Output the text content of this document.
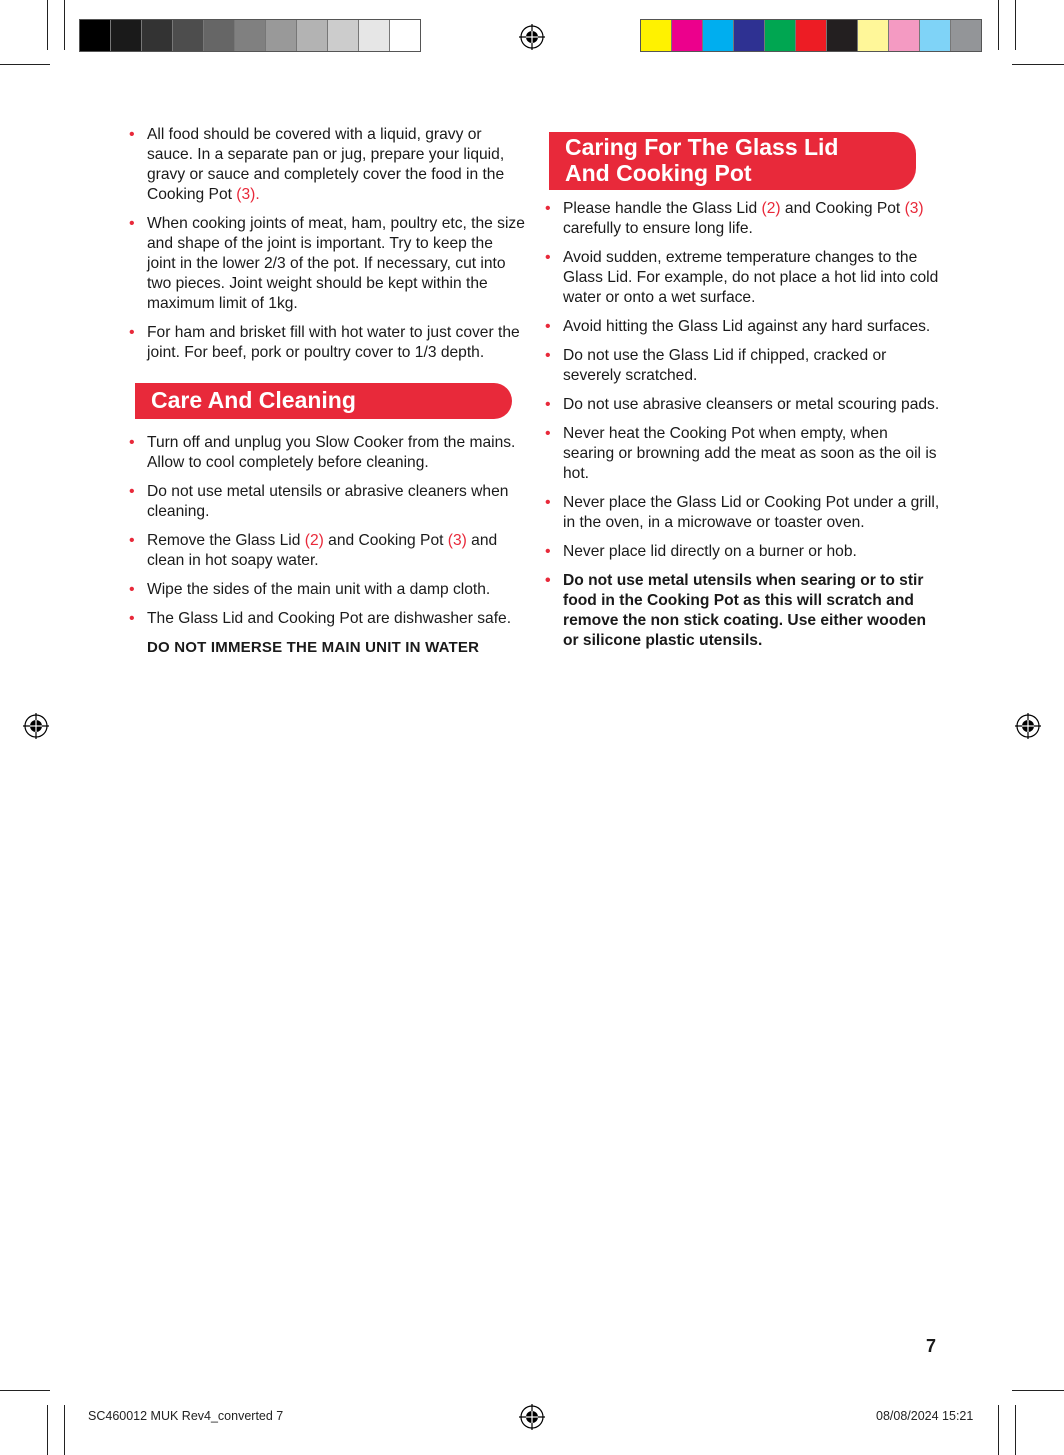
• All food should be covered with a liquid, gravy or sauce. In a separate pan or jug, prepare your liquid, gravy or sauce and completely cover the food in the Cooking Pot (3).
• When cooking joints of meat, ham, poultry etc, the size and shape of the joint is important. Try to keep the joint in the lower 2/3 of the pot. If necessary, cut into two pieces. Joint weight should be kept within the maximum limit of 1kg.
• For ham and brisket fill with hot water to just cover the joint. For beef, pork or poultry cover to 1/3 depth.
Care And Cleaning
• Turn off and unplug you Slow Cooker from the mains. Allow to cool completely before cleaning.
• Do not use metal utensils or abrasive cleaners when cleaning.
• Remove the Glass Lid (2) and Cooking Pot (3) and clean in hot soapy water.
• Wipe the sides of the main unit with a damp cloth.
• The Glass Lid and Cooking Pot are dishwasher safe.
DO NOT IMMERSE THE MAIN UNIT IN WATER
Caring For The Glass Lid
And Cooking Pot
• Please handle the Glass Lid (2) and Cooking Pot (3) carefully to ensure long life.
• Avoid sudden, extreme temperature changes to the Glass Lid. For example, do not place a hot lid into cold water or onto a wet surface.
• Avoid hitting the Glass Lid against any hard surfaces.
• Do not use the Glass Lid if chipped, cracked or severely scratched.
• Do not use abrasive cleansers or metal scouring pads.
• Never heat the Cooking Pot when empty, when searing or browning add the meat as soon as the oil is hot.
• Never place the Glass Lid or Cooking Pot under a grill, in the oven, in a microwave or toaster oven.
• Never place lid directly on a burner or hob.
• Do not use metal utensils when searing or to stir food in the Cooking Pot as this will scratch and remove the non stick coating. Use either wooden or silicone plastic utensils.
7
SC460012 MUK Rev4_converted 7	08/08/2024 15:21
